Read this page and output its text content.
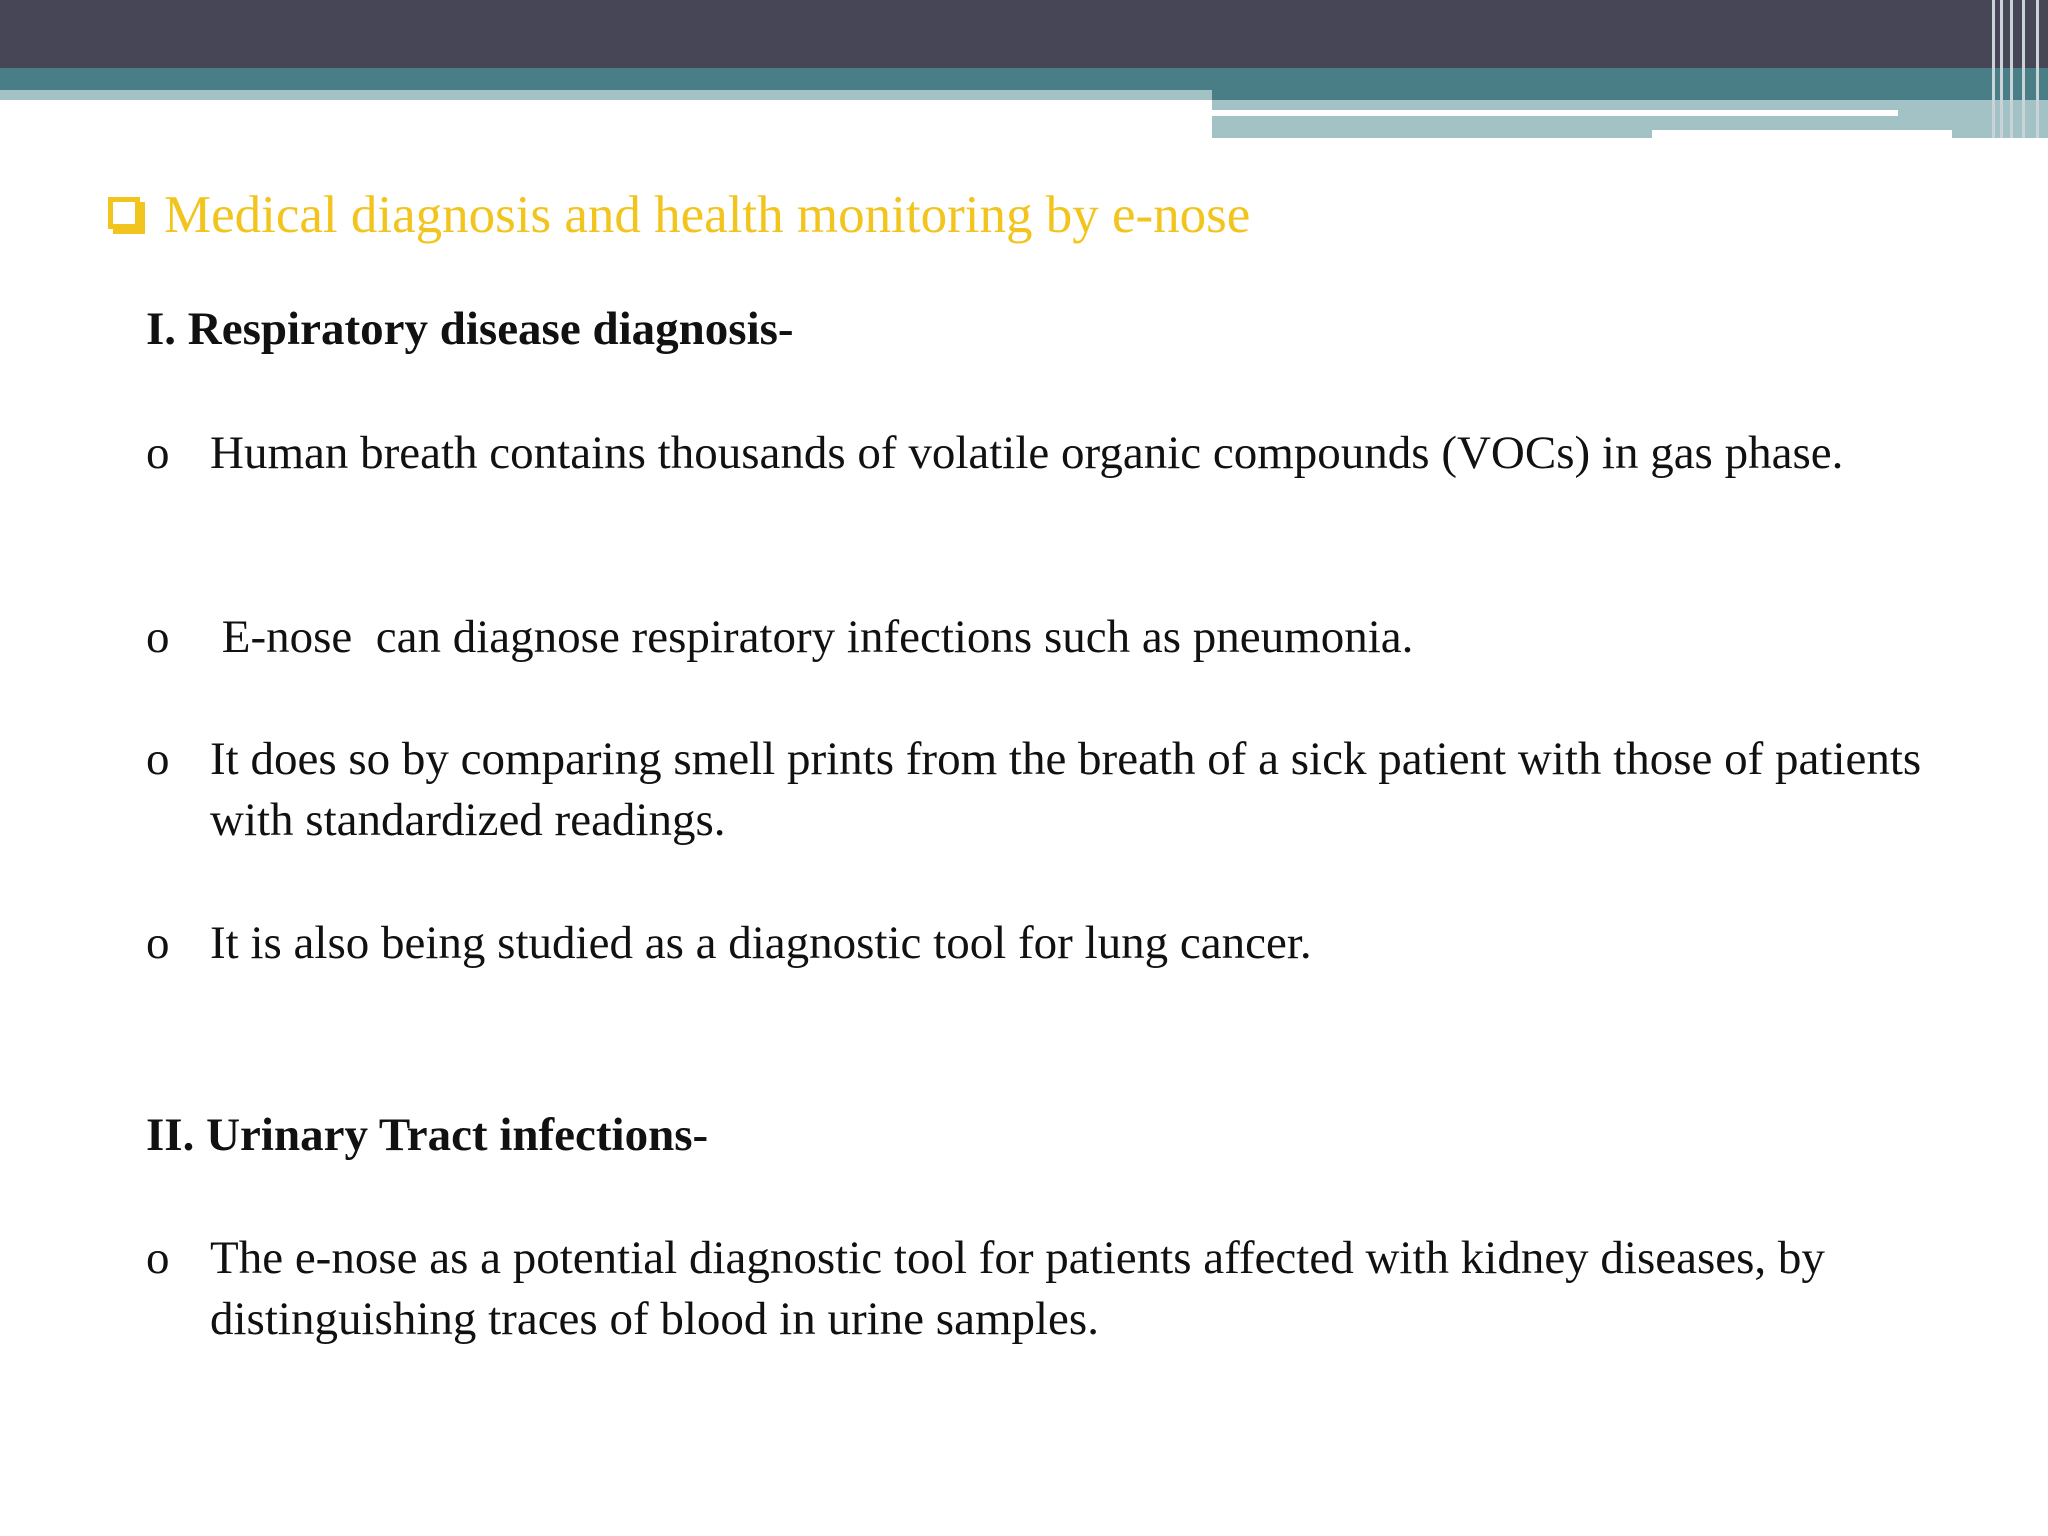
Medical diagnosis and health monitoring by e-nose
I. Respiratory disease diagnosis-
o Human breath contains thousands of volatile organic compounds (VOCs) in gas phase.
o E-nose  can diagnose respiratory infections such as pneumonia.
o It does so by comparing smell prints from the breath of a sick patient with those of patients with standardized readings.
o It is also being studied as a diagnostic tool for lung cancer.
II. Urinary Tract infections-
o The e-nose as a potential diagnostic tool for patients affected with kidney diseases, by distinguishing traces of blood in urine samples.
